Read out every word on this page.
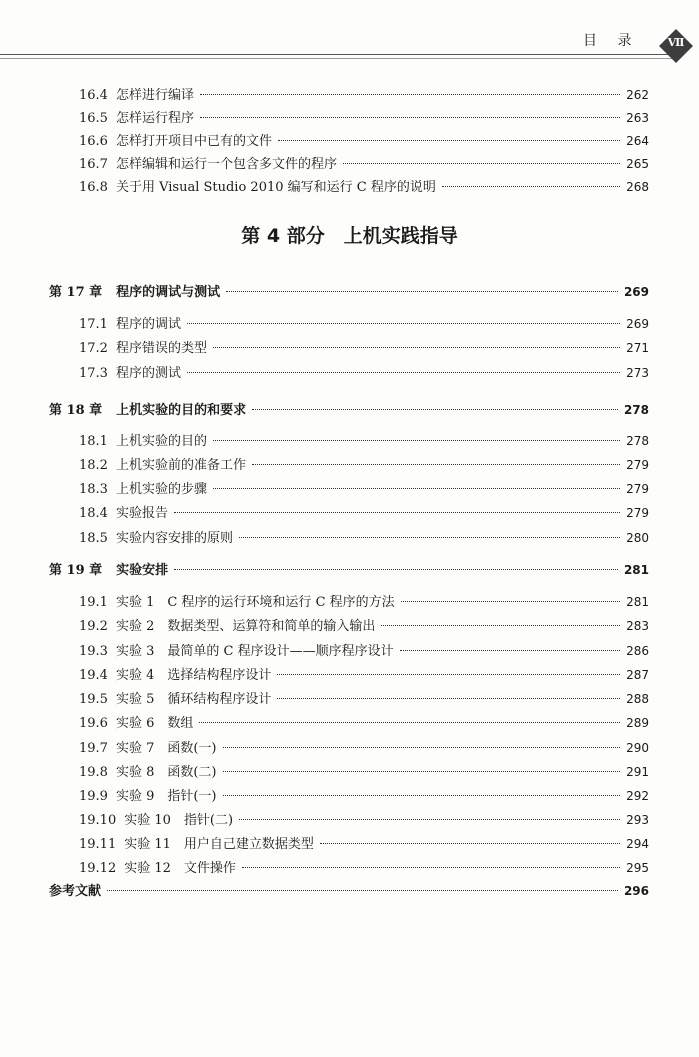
目 录	Ⅶ
第 4 部分　上机实践指导
16.4 怎样进行编译	262
16.5 怎样运行程序	263
16.6 怎样打开项目中已有的文件	264
16.7 怎样编辑和运行一个包含多文件的程序	265
16.8 关于用 Visual Studio 2010 编写和运行 C 程序的说明	268
第 17 章 程序的调试与测试	269
17.1 程序的调试	269
17.2 程序错误的类型	271
17.3 程序的测试	273
第 18 章 上机实验的目的和要求	278
18.1 上机实验的目的	278
18.2 上机实验前的准备工作	279
18.3 上机实验的步骤	279
18.4 实验报告	279
18.5 实验内容安排的原则	280
第 19 章 实验安排	281
19.1 实验 1　C 程序的运行环境和运行 C 程序的方法	281
19.2 实验 2　数据类型、运算符和简单的输入输出	283
19.3 实验 3　最简单的 C 程序设计——顺序程序设计	286
19.4 实验 4　选择结构程序设计	287
19.5 实验 5　循环结构程序设计	288
19.6 实验 6　数组	289
19.7 实验 7　函数(一)	290
19.8 实验 8　函数(二)	291
19.9 实验 9　指针(一)	292
19.10 实验 10　指针(二)	293
19.11 实验 11　用户自己建立数据类型	294
19.12 实验 12　文件操作	295
参考文献	296
